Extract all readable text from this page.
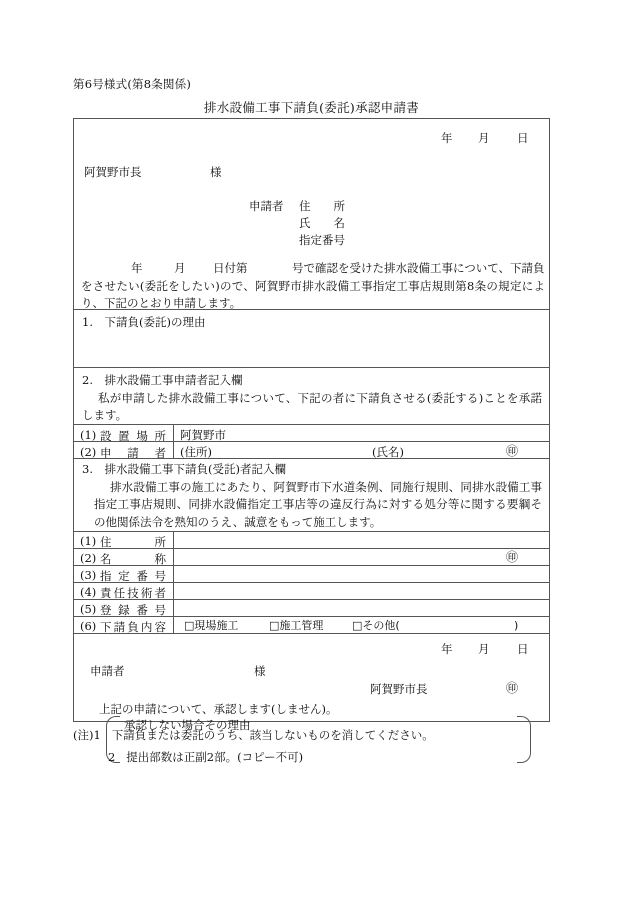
第6号様式(第8条関係)
排水設備工事下請負(委託)承認申請書
年 月 日
阿賀野市長	様
申請者 住　　所
氏　　名
指定番号
年	月 日付第	号で確認を受けた排水設備工事について、下請負
をさせたい(委託をしたい)ので、阿賀野市排水設備工事指定工事店規則第8条の規定により、下記のとおり申請します。
1.　下請負(委託)の理由
2.　排水設備工事申請者記入欄
私が申請した排水設備工事について、下記の者に下請負させる(委託する)ことを承諾します。
(1) 設 置 場 所 阿賀野市
(2) 申 請 者 (住所)	(氏名)	㊞
3.　排水設備工事下請負(受託)者記入欄
排水設備工事の施工にあたり、阿賀野市下水道条例、同施行規則、同排水設備工事指定工事店規則、同排水設備指定工事店等の違反行為に対する処分等に関する要綱その他関係法令を熟知のうえ、誠意をもって施工します。
(1) 住	所
(2) 名	称	㊞
(3) 指 定 番 号
(4) 責 任 技 術 者
(5) 登 録 番 号
(6) 下 請 負 内 容 □現場施工	□施工管理	□その他(	)
年 月 日
申請者	様
阿賀野市長	㊞
上記の申請について、承認します(しません)。
承認しない場合その理由
(注)1 下請負または委託のうち、該当しないものを消してください。
2 提出部数は正副2部。(コピー不可)
